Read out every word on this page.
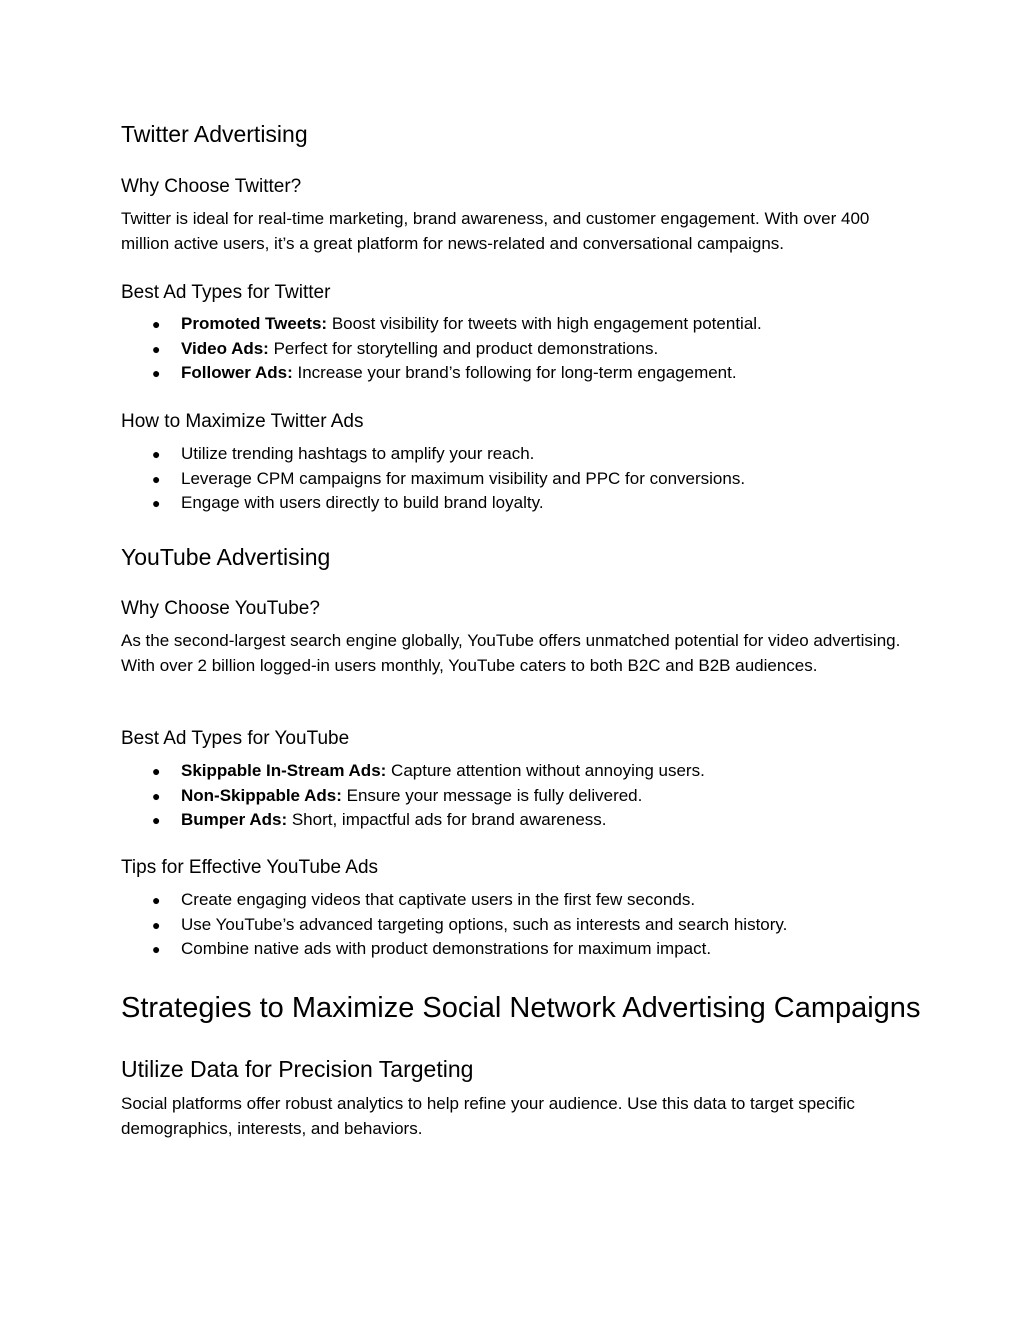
Twitter Advertising
Why Choose Twitter?

Twitter is ideal for real-time marketing, brand awareness, and customer engagement. With over 400 million active users, it’s a great platform for news-related and conversational campaigns.

Best Ad Types for Twitter
● Promoted Tweets: Boost visibility for tweets with high engagement potential.
● Video Ads: Perfect for storytelling and product demonstrations.
● Follower Ads: Increase your brand’s following for long-term engagement.
How to Maximize Twitter Ads
● Utilize trending hashtags to amplify your reach.
● Leverage CPM campaigns for maximum visibility and PPC for conversions.
● Engage with users directly to build brand loyalty.
YouTube Advertising
Why Choose YouTube?

As the second-largest search engine globally, YouTube offers unmatched potential for video advertising. With over 2 billion logged-in users monthly, YouTube caters to both B2C and B2B audiences.

Best Ad Types for YouTube
● Skippable In-Stream Ads: Capture attention without annoying users.
● Non-Skippable Ads: Ensure your message is fully delivered.
● Bumper Ads: Short, impactful ads for brand awareness.
Tips for Effective YouTube Ads
● Create engaging videos that captivate users in the first few seconds.
● Use YouTube’s advanced targeting options, such as interests and search history.
● Combine native ads with product demonstrations for maximum impact.
Strategies to Maximize Social Network Advertising Campaigns
Utilize Data for Precision Targeting

Social platforms offer robust analytics to help refine your audience. Use this data to target specific demographics, interests, and behaviors.
